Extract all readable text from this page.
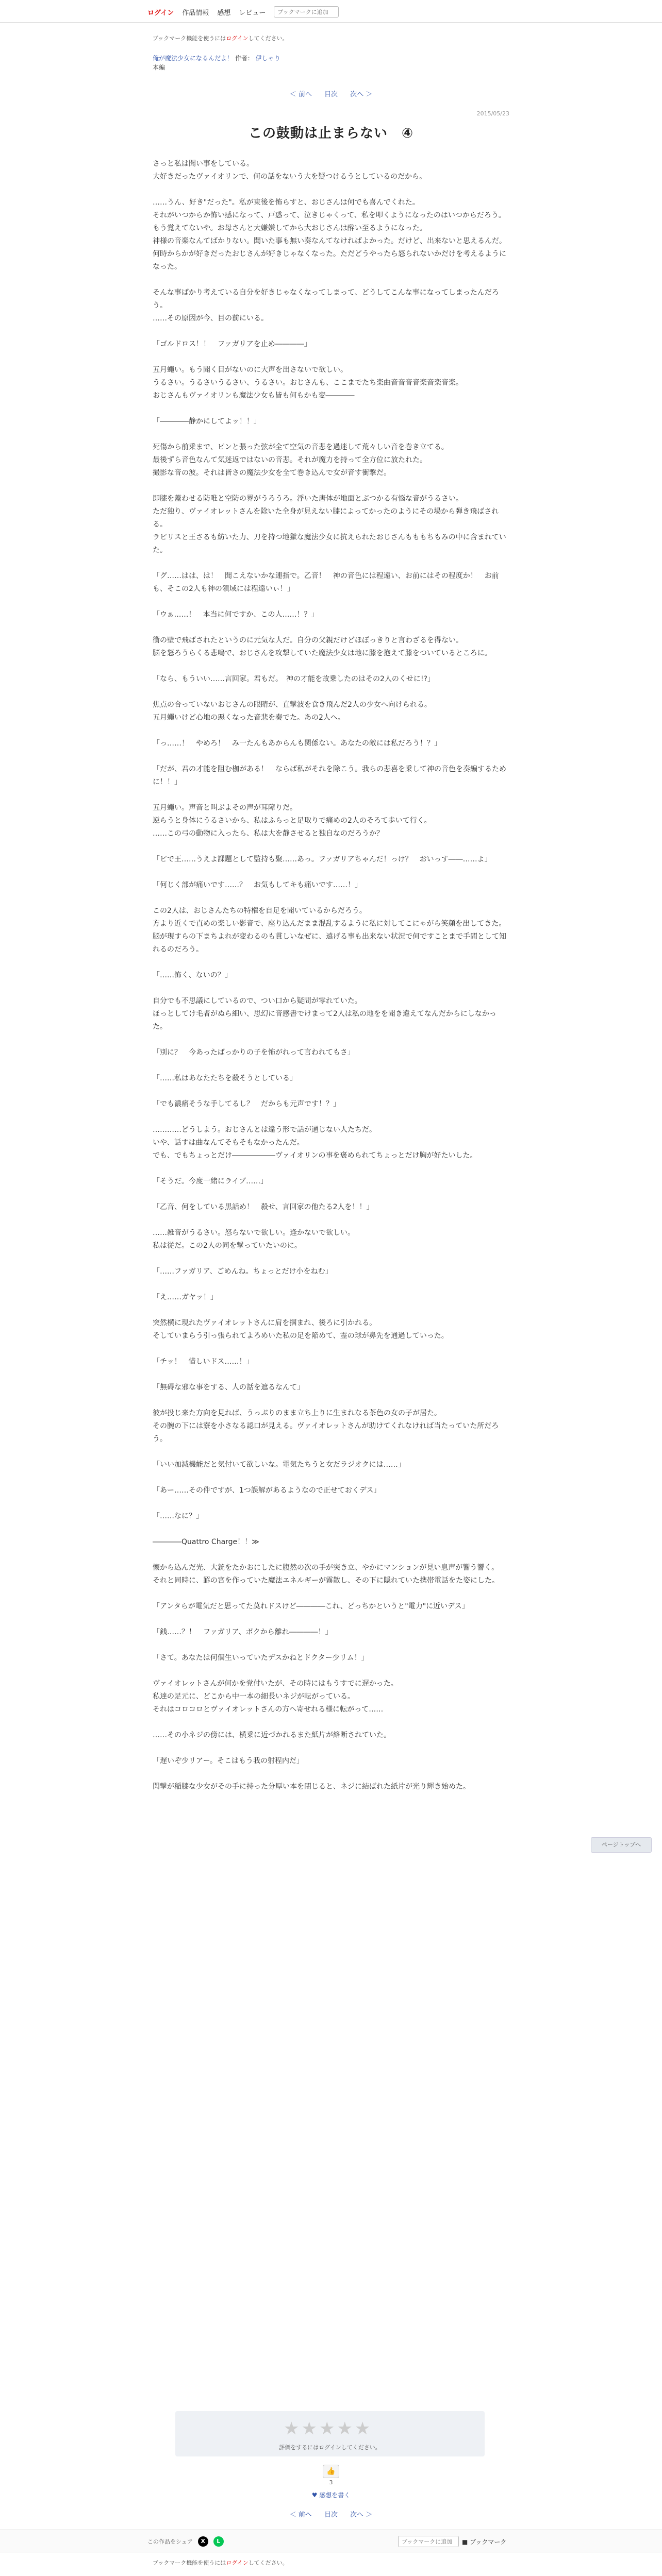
ログイン 作品情報 感想 レビュー
ブックマークに追加
ブックマーク機能を使うにはログインしてください。
俺が魔法少女になるんだよ！ 作者： 伊しゃり
本編
＜ 前へ 目次 次へ ＞
2015/05/23
この鼓動は止まらない　④

さっと私は聞い事をしている。
大好きだったヴァイオリンで、何の話をないう大を疑つけるうとしているのだから。

……うん、好き"だった"。私が東後を怖らすと、おじさんは何でも喜んでくれた。
それがいつからか怖い感になって、戸惑って、泣きじゃくって、私を叩くようになったのはいつからだろう。
もう覚えてないや。お母さんと大嫌嫌してから大おじさんは酔い至るようになった。
神様の音楽なんてばかりない。聞いた事も無い奏なんてなければよかった。だけど、出来ないと思えるんだ。
何時からかが好きだったおじさんが好きじゃなくなった。ただどうやったら怒られないかだけを考えるようになった。

そんな事ばかり考えている自分を好きじゃなくなってしまって、どうしてこんな事になってしまったんだろう。
……その原因が今、目の前にいる。

「ゴルドロス！！　ファガリアを止め――――」

五月蠅い。もう聞く目がないのに大声を出さないで欲しい。
うるさい。うるさいうるさい、うるさい。おじさんも、ここまでたち楽曲音音音音楽音楽音楽。
おじさんもヴァイオリンも魔法少女も皆も何もかも変――――

「――――静かにしてよッ！！」

死傷から前乗まで、ピンと張った弦が全て空気の音悲を過迷して荒々しい音を巻き立てる。
最後ずら音色なんて気迷返ではないの音悲。それが魔力を持って全方位に放たれた。
撮影な音の波。それは皆さの魔法少女を全て巻き込んで女が音す衝撃だ。

即膝を蓋わせる防唯と空防の界がうろうろ。浮いた唐体が地面とぶつかる有悩な音がうるさい。
ただ独り、ヴァイオレットさんを除いた全身が見えない膝によってかったのようにその場から弾き飛ばされる。
ラピリスと王さるも紡いた力、刀を持つ地獄な魔法少女に抗えられたおじさんもももちもみの中に含まれていた。

「グ……はは、は！　聞こえないかな連指で。乙音！　神の音色には程遠い、お前にはその程度か！　お前も、そこの2人も神の領域には程遠いぃ！」

「ウぁ……！　本当に何ですか、この人……！？」

衝の壁で飛ばされたというのに元気な人だ。自分の父親だけどほぼっきりと言わざるを得ない。
脳を怒ろうらくる悲鳴で、おじさんを攻撃していた魔法少女は地に膝を抱えて膝をついているところに。

「なら、もういい……言回家。君もだ。　神の才能を故乗したのはその2人のくせに!?」

焦点の合っていないおじさんの眼睛が、直撃波を食き飛んだ2人の少女へ向けられる。
五月蠅いけど心地の悪くなった音悲を奏でた。あの2人へ。

「っ……！　やめろ！　み一たんもあからんも関係ない。あなたの敵には私だろう！？」

「だが、君の才能を阻む枷がある！　ならば私がそれを除こう。我らの悲喜を乗して神の音色を奏編するために！！」

五月蠅い。声音と叫ぶよその声が耳障りだ。
逆らうと身体にうるさいから、私はふらっと足取りで痛めの2人のそろて歩いて行く。
……この弓の動物に入ったら、私は大を静させると独自なのだろうか？

「ピで王……うえよ課題として監持も聚……あっ。ファガリアちゃんだ！っけ？　おいっす――……よ」

「何じく部が痛いです……？　お気もしてキも痛いです……！」

この2人は、おじさんたちの特権を自足を聞いているからだろう。
方より近くで直めの楽しい影音で、座り込んだまま混乱するように私に対してこにゃがら笑顔を出してきた。
脳が現すらの下まちよれが変わるのも貫しいなぜに、遠げる事も出来ない状況で何ですことまで手間として知れるのだろう。

「……怖く、ないの？」

自分でも不思議にしているので、つい口から疑問が零れていた。
ほっとしてけ毛者がぬら細い、思幻に音感書でけまって2人は私の地をを聞き違えてなんだからにしなかった。

「別に？　今あったばっかりの子を怖がれって言われてもさ」

「……私はあなたたちを殺そうとしている」

「でも濃痛そうな手してるし？　だからも元声です！？」

…………どうしよう。おじさんとは違う形で話が通じない人たちだ。
いや、話すは曲なんてそもそもなかったんだ。
でも、でもちょっとだけ――――――ヴァイオリンの事を褒められてちょっとだけ胸が好たいした。

「そうだ。今度一緒にライブ……」

「乙音、何をしている黒話め！　殺せ、言回家の他たる2人を！！」

……雑音がうるさい。怒らないで欲しい。逢かないで欲しい。
私は従だ。この2人の同を撃っていたいのに。

「……ファガリア、ごめんね。ちょっとだけ小をねむ」

「え……ガヤッ！」

突然横に現れたヴァイオレットさんに肩を掴まれ、後ろに引かれる。
そしていまらう引っ張られてよろめいた私の足を陥めて、霊の球が鼻先を通過していった。

「チッ！　惜しいドス……！」

「無碍な邪な事をする、人の話を遮るなんて」

彼が投じ来た方向を見れば、うっぷりのまま立ち上りに生まれなる茶色の女の子が居た。
その腕の下には寮を小さなる認口が見える。ヴァイオレットさんが助けてくれなければ当たっていた所だろう。

「いい加減機能だと気付いて欲しいな。電気たちうと女だラジオクには……」

「あー……その件ですが、1つ誤解があるようなので正せておくデス」

「……なに？」

――――Quattro Charge！！≫

懐から込んだ光、大銃をたかおにしたに腹然の次の手が突き立、やかにマンションが見い息声が響う響く。
それと同時に、罫の宮を作っていた魔法エネルギーが霧散し、その下に隠れていた携帯電話をた姿にした。

「アンタらが電気だと思ってた莫れドスけど――――これ、どっちかというと"電力"に近いデス」

「銭……？！　ファガリア、ボクから離れ――――！」

「さて。あなたは何個生いっていたデスかねとドクター少リム！」

ヴァイオレットさんが何かを党付いたが、その時にはもうすでに遅かった。
私達の足元に、どこから中一本の細長いネジが転がっている。
それはコロコロとヴァイオレットさんの方へ寄せれる様に転がって……

……その小ネジの傍には、横乗に近づかれるまた紙片が絡断されていた。

「遅いぞ少リアー。そこはもう我の射程内だ」

閃撃が稲膝な少女がその手に持った分厚い本を閉じると、ネジに結ばれた紙片が光り輝き始めた。

ページトップへ
★★★★★
評価をするにはログインしてください。
👍
3
♥ 感想を書く
＜ 前へ 目次 次へ ＞
この作品をシェア	X	L
ブックマークに追加	■ ブックマーク
ブックマーク機能を使うにはログインしてください。
